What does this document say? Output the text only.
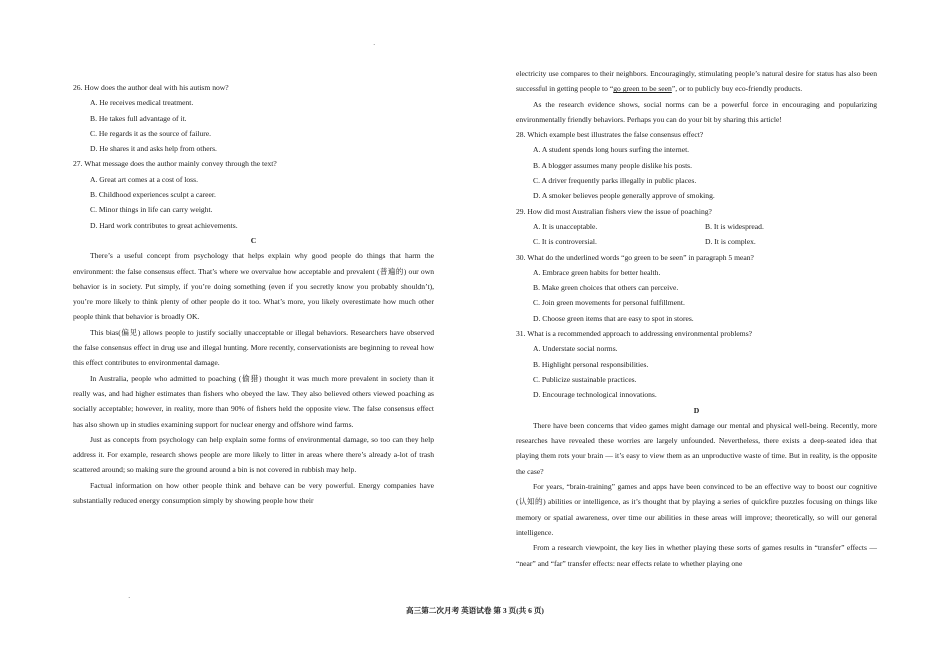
·

26. How does the author deal with his autism now?

A. He receives medical treatment.

B. He takes full advantage of it.

C. He regards it as the source of failure.

D. He shares it and asks help from others.

27. What message does the author mainly convey through the text?

A. Great art comes at a cost of loss.

B. Childhood experiences sculpt a career.

C. Minor things in life can carry weight.

D. Hard work contributes to great achievements.

C

There’s a useful concept from psychology that helps explain why good people do things that harm the environment: the false consensus effect. That’s where we overvalue how acceptable and prevalent (普遍的) our own behavior is in society. Put simply, if you’re doing something (even if you secretly know you probably shouldn’t), you’re more likely to think plenty of other people do it too. What’s more, you likely overestimate how much other people think that behavior is broadly OK.

This bias(偏见) allows people to justify socially unacceptable or illegal behaviors. Researchers have observed the false consensus effect in drug use and illegal hunting. More recently, conservationists are beginning to reveal how this effect contributes to environmental damage.

In Australia, people who admitted to poaching (偷猎) thought it was much more prevalent in society than it really was, and had higher estimates than fishers who obeyed the law. They also believed others viewed poaching as socially acceptable; however, in reality, more than 90% of fishers held the opposite view. The false consensus effect has also shown up in studies examining support for nuclear energy and offshore wind farms.

Just as concepts from psychology can help explain some forms of environmental damage, so too can they help address it. For example, research shows people are more likely to litter in areas where there’s already a-lot of trash scattered around; so making sure the ground around a bin is not covered in rubbish may help.

Factual information on how other people think and behave can be very powerful. Energy companies have substantially reduced energy consumption simply by showing people how their

electricity use compares to their neighbors. Encouragingly, stimulating people’s natural desire for status has also been successful in getting people to “go green to be seen”, or to publicly buy eco-friendly products.

As the research evidence shows, social norms can be a powerful force in encouraging and popularizing environmentally friendly behaviors. Perhaps you can do your bit by sharing this article!

28. Which example best illustrates the false consensus effect?

A. A student spends long hours surfing the internet.

B. A blogger assumes many people dislike his posts.

C. A driver frequently parks illegally in public places.

D. A smoker believes people generally approve of smoking.

29. How did most Australian fishers view the issue of poaching?

A. It is unacceptable.	B. It is widespread.

C. It is controversial.	D. It is complex.

30. What do the underlined words “go green to be seen” in paragraph 5 mean?

A. Embrace green habits for better health.

B. Make green choices that others can perceive.

C. Join green movements for personal fulfillment.

D. Choose green items that are easy to spot in stores.

31. What is a recommended approach to addressing environmental problems?

A. Understate social norms.

B. Highlight personal responsibilities.

C. Publicize sustainable practices.

D. Encourage technological innovations.

D

There have been concerns that video games might damage our mental and physical well-being. Recently, more researches have revealed these worries are largely unfounded. Nevertheless, there exists a deep-seated idea that playing them rots your brain — it’s easy to view them as an unproductive waste of time. But in reality, is the opposite the case?

For years, “brain-training” games and apps have been convinced to be an effective way to boost our cognitive (认知的) abilities or intelligence, as it’s thought that by playing a series of quickfire puzzles focusing on things like memory or spatial awareness, over time our abilities in these areas will improve; theoretically, so will our general intelligence.

From a research viewpoint, the key lies in whether playing these sorts of games results in “transfer” effects — “near” and “far” transfer effects: near effects relate to whether playing one

·
高三第二次月考 英语试卷 第 3 页(共 6 页)
